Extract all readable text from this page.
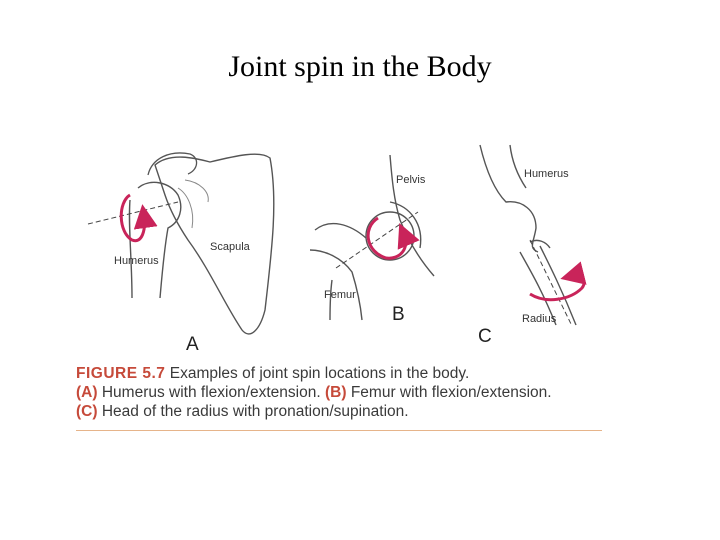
Joint spin in the Body
Scapula
Humerus
A
Pelvis
Femur
B
Humerus
Radius
C
FIGURE 5.7 Examples of joint spin locations in the body.
(A) Humerus with flexion/extension. (B) Femur with flexion/extension.
(C) Head of the radius with pronation/supination.
